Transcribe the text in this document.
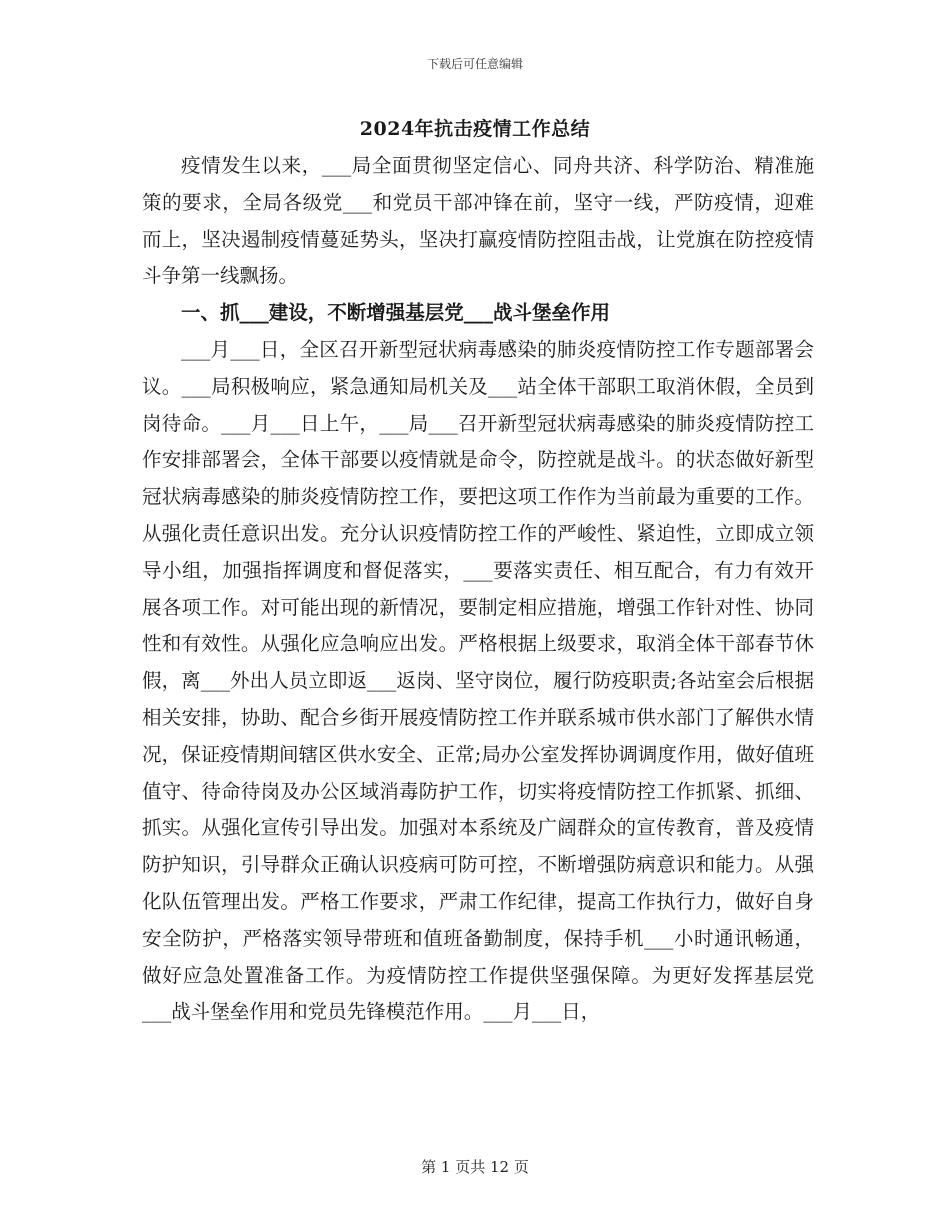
下载后可任意编辑
2024年抗击疫情工作总结

疫情发生以来，___局全面贯彻坚定信心、同舟共济、科学防治、精准施策的要求，全局各级党___和党员干部冲锋在前，坚守一线，严防疫情，迎难而上，坚决遏制疫情蔓延势头，坚决打赢疫情防控阻击战，让党旗在防控疫情斗争第一线飘扬。

一、抓___建设，不断增强基层党___战斗堡垒作用

___月___日，全区召开新型冠状病毒感染的肺炎疫情防控工作专题部署会议。___局积极响应，紧急通知局机关及___站全体干部职工取消休假，全员到岗待命。___月___日上午，___局___召开新型冠状病毒感染的肺炎疫情防控工作安排部署会，全体干部要以疫情就是命令，防控就是战斗。的状态做好新型冠状病毒感染的肺炎疫情防控工作，要把这项工作作为当前最为重要的工作。从强化责任意识出发。充分认识疫情防控工作的严峻性、紧迫性，立即成立领导小组，加强指挥调度和督促落实，___要落实责任、相互配合，有力有效开展各项工作。对可能出现的新情况，要制定相应措施，增强工作针对性、协同性和有效性。从强化应急响应出发。严格根据上级要求，取消全体干部春节休假，离___外出人员立即返___返岗、坚守岗位，履行防疫职责;各站室会后根据相关安排，协助、配合乡街开展疫情防控工作并联系城市供水部门了解供水情况，保证疫情期间辖区供水安全、正常;局办公室发挥协调调度作用，做好值班值守、待命待岗及办公区域消毒防护工作，切实将疫情防控工作抓紧、抓细、抓实。从强化宣传引导出发。加强对本系统及广阔群众的宣传教育，普及疫情防护知识，引导群众正确认识疫病可防可控，不断增强防病意识和能力。从强化队伍管理出发。严格工作要求，严肃工作纪律，提高工作执行力，做好自身安全防护，严格落实领导带班和值班备勤制度，保持手机___小时通讯畅通，做好应急处置准备工作。为疫情防控工作提供坚强保障。为更好发挥基层党___战斗堡垒作用和党员先锋模范作用。___月___日，

第 1 页共 12 页
